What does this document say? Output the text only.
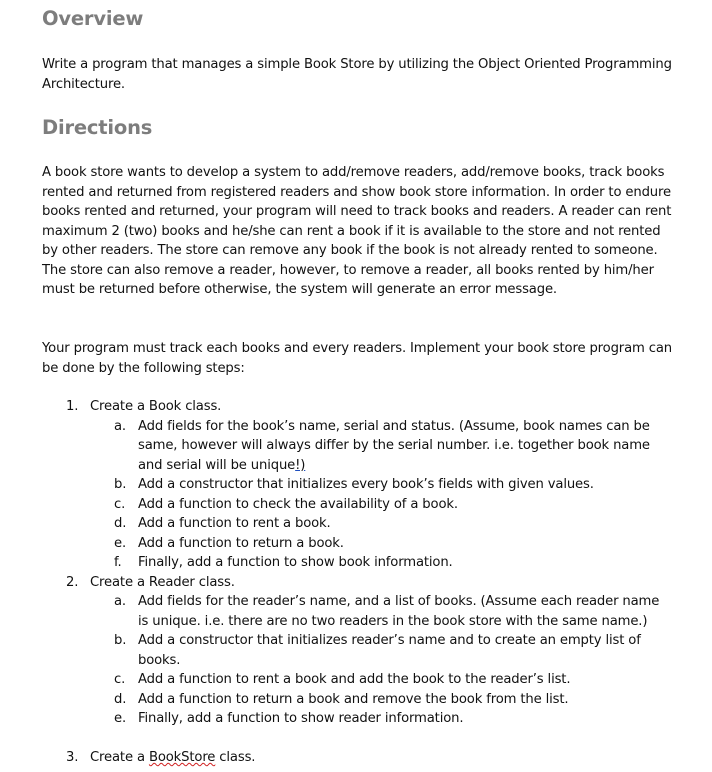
Overview

Write a program that manages a simple Book Store by utilizing the Object Oriented Programming Architecture.

Directions

A book store wants to develop a system to add/remove readers, add/remove books, track books rented and returned from registered readers and show book store information. In order to endure books rented and returned, your program will need to track books and readers. A reader can rent maximum 2 (two) books and he/she can rent a book if it is available to the store and not rented by other readers. The store can remove any book if the book is not already rented to someone. The store can also remove a reader, however, to remove a reader, all books rented by him/her must be returned before otherwise, the system will generate an error message.

Your program must track each books and every readers. Implement your book store program can be done by the following steps:

1. Create a Book class.
a. Add fields for the book’s name, serial and status. (Assume, book names can be same, however will always differ by the serial number. i.e. together book name and serial will be unique!)
b. Add a constructor that initializes every book’s fields with given values.
c. Add a function to check the availability of a book.
d. Add a function to rent a book.
e. Add a function to return a book.
f. Finally, add a function to show book information.
2. Create a Reader class.
a. Add fields for the reader’s name, and a list of books. (Assume each reader name is unique. i.e. there are no two readers in the book store with the same name.)
b. Add a constructor that initializes reader’s name and to create an empty list of books.
c. Add a function to rent a book and add the book to the reader’s list.
d. Add a function to return a book and remove the book from the list.
e. Finally, add a function to show reader information.
3. Create a BookStore class.
